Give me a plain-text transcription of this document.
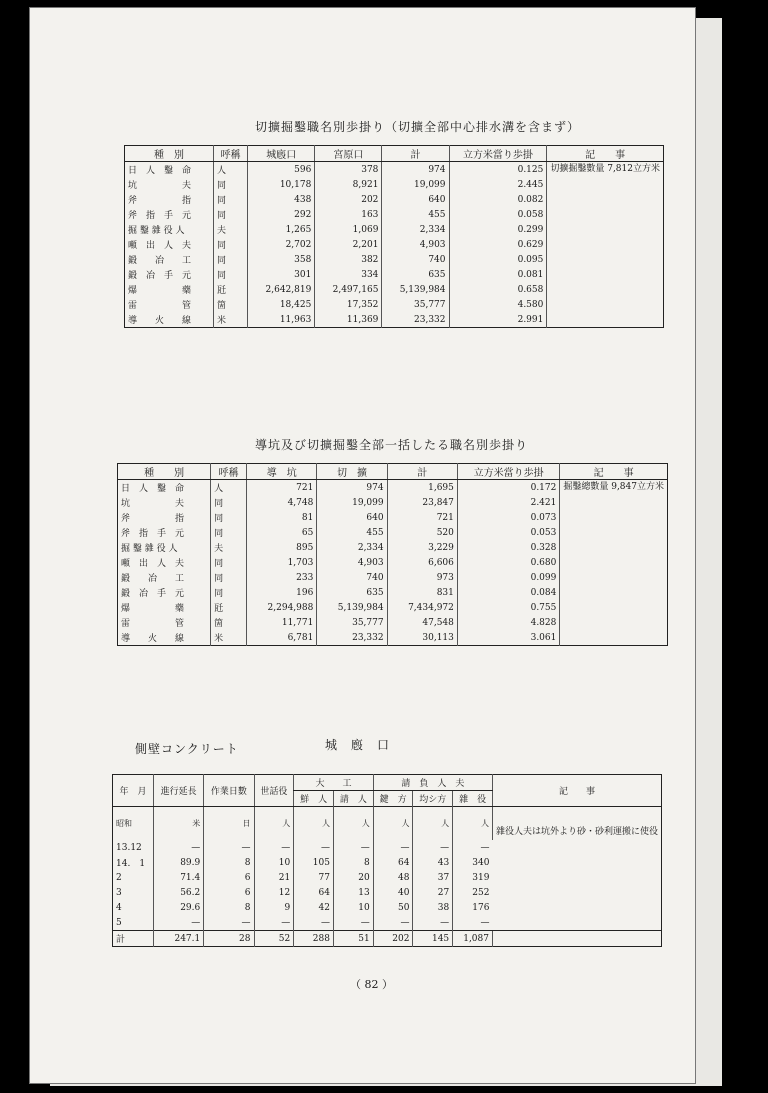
切擴掘鑿職名別歩掛り（切擴全部中心排水溝を含まず）
種　別	呼稱	城廏口	宮原口	計	立方米當り歩掛	記　　事
日　人　鑿　命	人	596	378	974	0.125	切擴掘鑿數量 7,812立方米
坑　　　　　夫	同	10,178	8,921	19,099	2.445	
斧　　　　　指	同	438	202	640	0.082	
斧　指　手　元	同	292	163	455	0.058	
掘 鑿 雜 役 人	夫	1,265	1,069	2,334	0.299	
噸　出　人　夫	同	2,702	2,201	4,903	0.629	
鍛　　冶　　工	同	358	382	740	0.095	
鍛　冶　手　元	同	301	334	635	0.081	
爆　　　　　藥	瓩	2,642,819	2,497,165	5,139,984	0.658	
雷　　　　　管	箇	18,425	17,352	35,777	4.580	
導　　火　　線	米	11,963	11,369	23,332	2.991	
導坑及び切擴掘鑿全部一括したる職名別歩掛り
種　　別	呼稱	導　坑	切　擴	計	立方米當り歩掛	記　　事
日　人　鑿　命	人	721	974	1,695	0.172	掘鑿總數量 9,847立方米
坑　　　　　夫	同	4,748	19,099	23,847	2.421	
斧　　　　　指	同	81	640	721	0.073	
斧　指　手　元	同	65	455	520	0.053	
掘 鑿 雜 役 人	夫	895	2,334	3,229	0.328	
噸　出　人　夫	同	1,703	4,903	6,606	0.680	
鍛　　冶　　工	同	233	740	973	0.099	
鍛　冶　手　元	同	196	635	831	0.084	
爆　　　　　藥	瓩	2,294,988	5,139,984	7,434,972	0.755	
雷　　　　　管	箇	11,771	35,777	47,548	4.828	
導　　火　　線	米	6,781	23,332	30,113	3.061	
側壁コンクリート	城　廏　口
年　月	進行延長	作業日數	世話役	大　　工		請　負　人　夫			記　　事
				鮮　人	請　人	鍵　方	均シ方	雜　役	
昭和	米	日	人	人	人	人	人	人	雜役人夫は坑外より砂・砂利運搬に使役
13.12	—	—	—	—	—	—	—	—	
14.　1	89.9	8	10	105	8	64	43	340	
2	71.4	6	21	77	20	48	37	319	
3	56.2	6	12	64	13	40	27	252	
4	29.6	8	9	42	10	50	38	176	
5	—	—	—	—	—	—	—	—	
計	247.1	28	52	288	51	202	145	1,087	
（ 82 ）
